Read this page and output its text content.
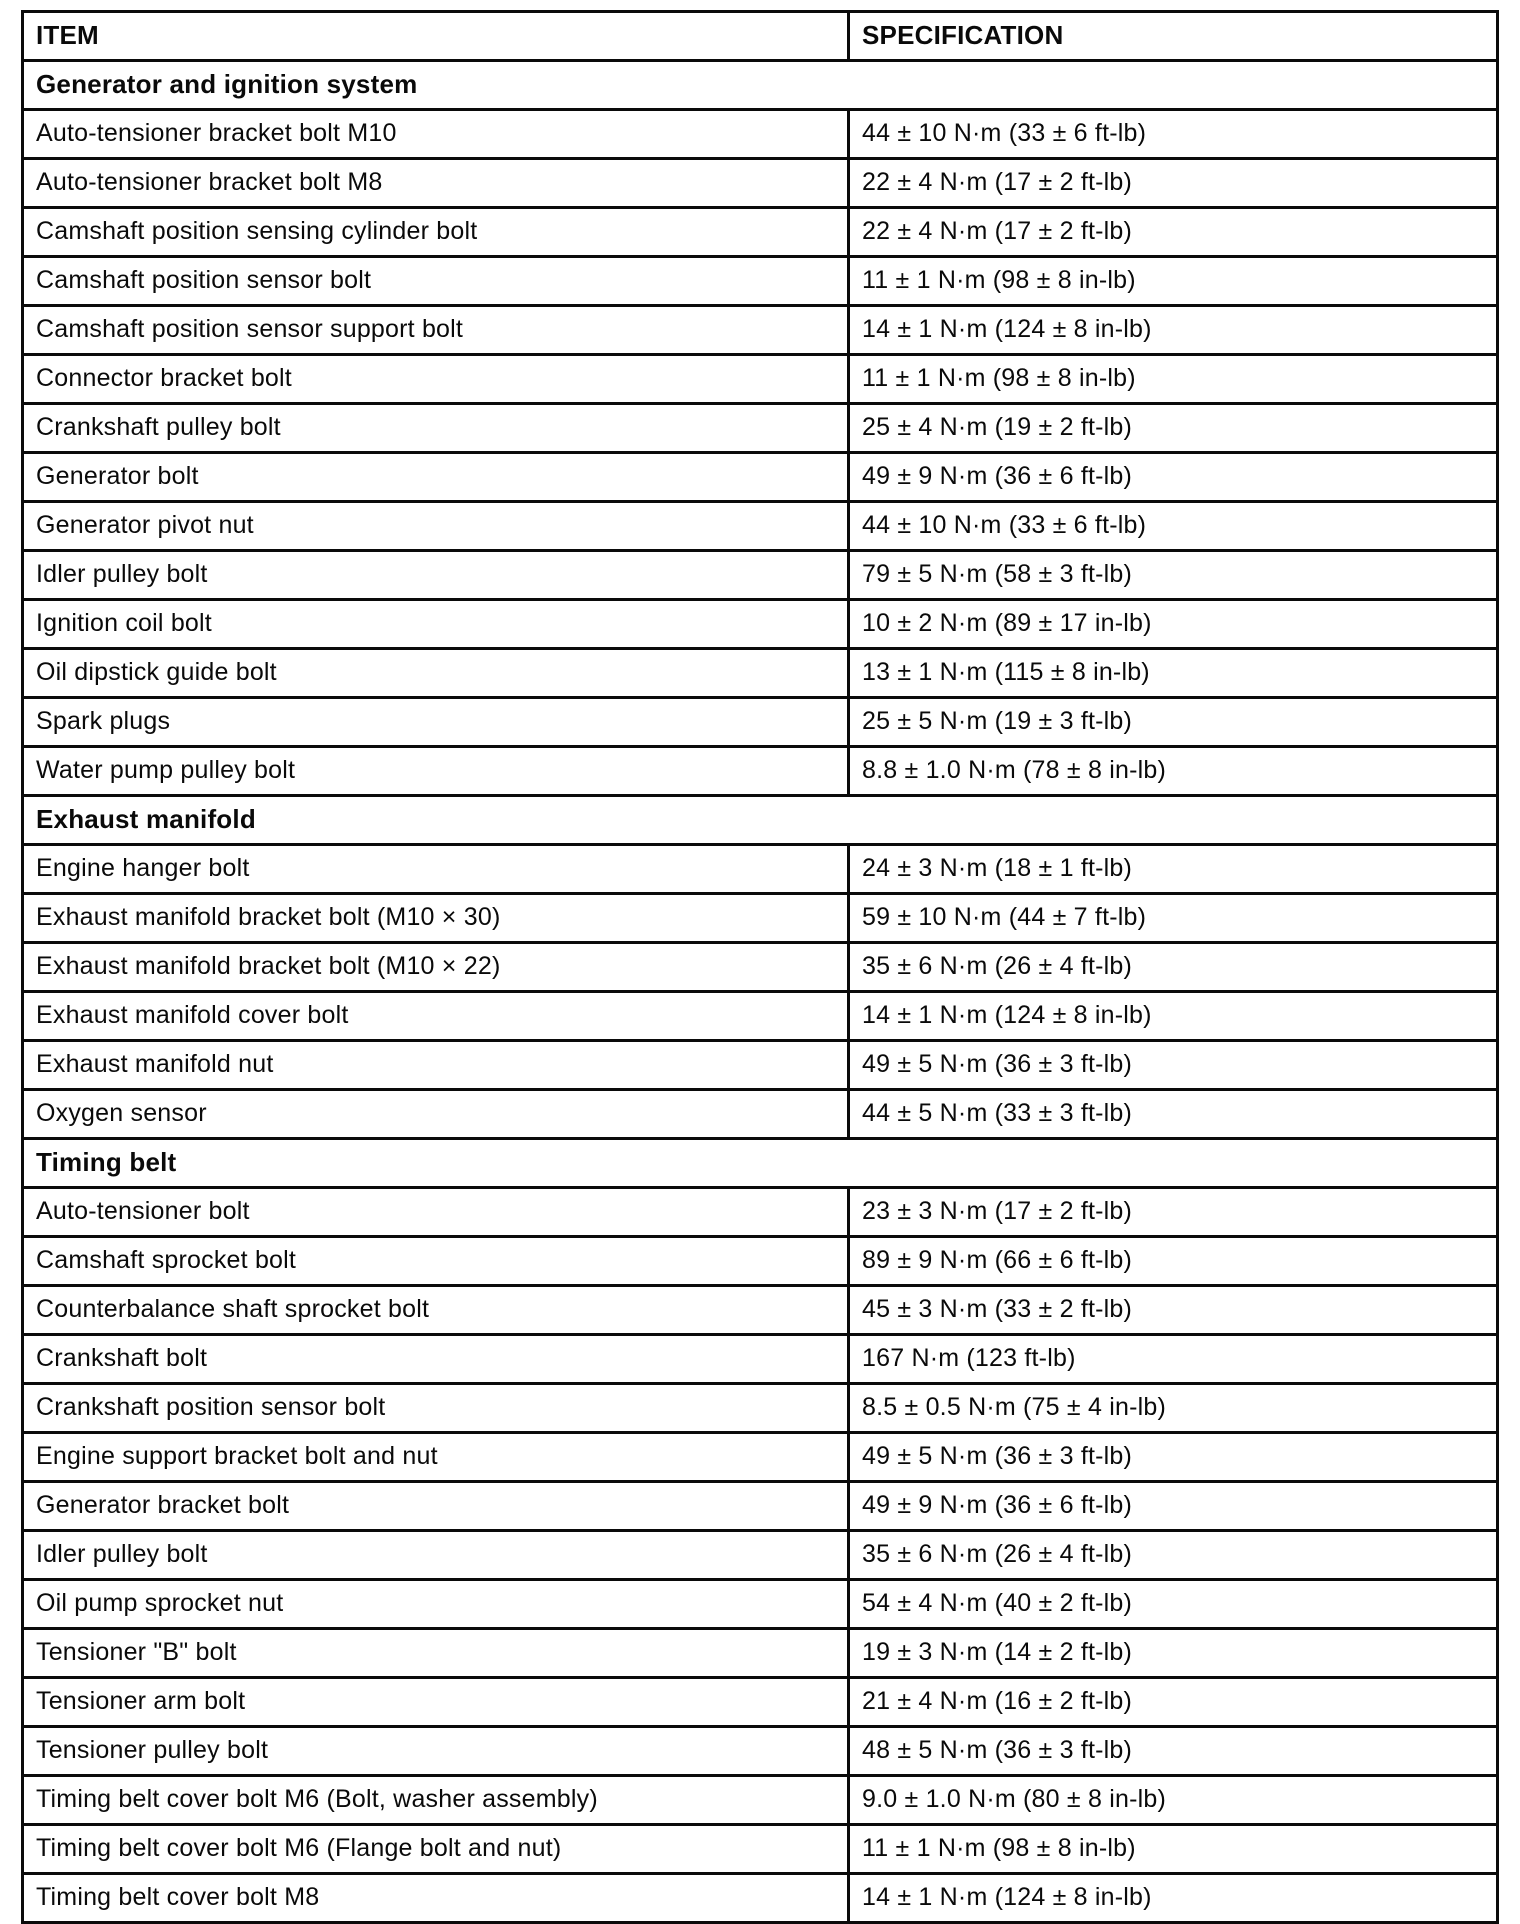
ITEM	SPECIFICATION
Generator and ignition system	
Auto-tensioner bracket bolt M10	44 ± 10 N·m (33 ± 6 ft-lb)
Auto-tensioner bracket bolt M8	22 ± 4 N·m (17 ± 2 ft-lb)
Camshaft position sensing cylinder bolt	22 ± 4 N·m (17 ± 2 ft-lb)
Camshaft position sensor bolt	11 ± 1 N·m (98 ± 8 in-lb)
Camshaft position sensor support bolt	14 ± 1 N·m (124 ± 8 in-lb)
Connector bracket bolt	11 ± 1 N·m (98 ± 8 in-lb)
Crankshaft pulley bolt	25 ± 4 N·m (19 ± 2 ft-lb)
Generator bolt	49 ± 9 N·m (36 ± 6 ft-lb)
Generator pivot nut	44 ± 10 N·m (33 ± 6 ft-lb)
Idler pulley bolt	79 ± 5 N·m (58 ± 3 ft-lb)
Ignition coil bolt	10 ± 2 N·m (89 ± 17 in-lb)
Oil dipstick guide bolt	13 ± 1 N·m (115 ± 8 in-lb)
Spark plugs	25 ± 5 N·m (19 ± 3 ft-lb)
Water pump pulley bolt	8.8 ± 1.0 N·m (78 ± 8 in-lb)
Exhaust manifold	
Engine hanger bolt	24 ± 3 N·m (18 ± 1 ft-lb)
Exhaust manifold bracket bolt (M10 × 30)	59 ± 10 N·m (44 ± 7 ft-lb)
Exhaust manifold bracket bolt (M10 × 22)	35 ± 6 N·m (26 ± 4 ft-lb)
Exhaust manifold cover bolt	14 ± 1 N·m (124 ± 8 in-lb)
Exhaust manifold nut	49 ± 5 N·m (36 ± 3 ft-lb)
Oxygen sensor	44 ± 5 N·m (33 ± 3 ft-lb)
Timing belt	
Auto-tensioner bolt	23 ± 3 N·m (17 ± 2 ft-lb)
Camshaft sprocket bolt	89 ± 9 N·m (66 ± 6 ft-lb)
Counterbalance shaft sprocket bolt	45 ± 3 N·m (33 ± 2 ft-lb)
Crankshaft bolt	167 N·m (123 ft-lb)
Crankshaft position sensor bolt	8.5 ± 0.5 N·m (75 ± 4 in-lb)
Engine support bracket bolt and nut	49 ± 5 N·m (36 ± 3 ft-lb)
Generator bracket bolt	49 ± 9 N·m (36 ± 6 ft-lb)
Idler pulley bolt	35 ± 6 N·m (26 ± 4 ft-lb)
Oil pump sprocket nut	54 ± 4 N·m (40 ± 2 ft-lb)
Tensioner "B" bolt	19 ± 3 N·m (14 ± 2 ft-lb)
Tensioner arm bolt	21 ± 4 N·m (16 ± 2 ft-lb)
Tensioner pulley bolt	48 ± 5 N·m (36 ± 3 ft-lb)
Timing belt cover bolt M6 (Bolt, washer assembly)	9.0 ± 1.0 N·m (80 ± 8 in-lb)
Timing belt cover bolt M6 (Flange bolt and nut)	11 ± 1 N·m (98 ± 8 in-lb)
Timing belt cover bolt M8	14 ± 1 N·m (124 ± 8 in-lb)
